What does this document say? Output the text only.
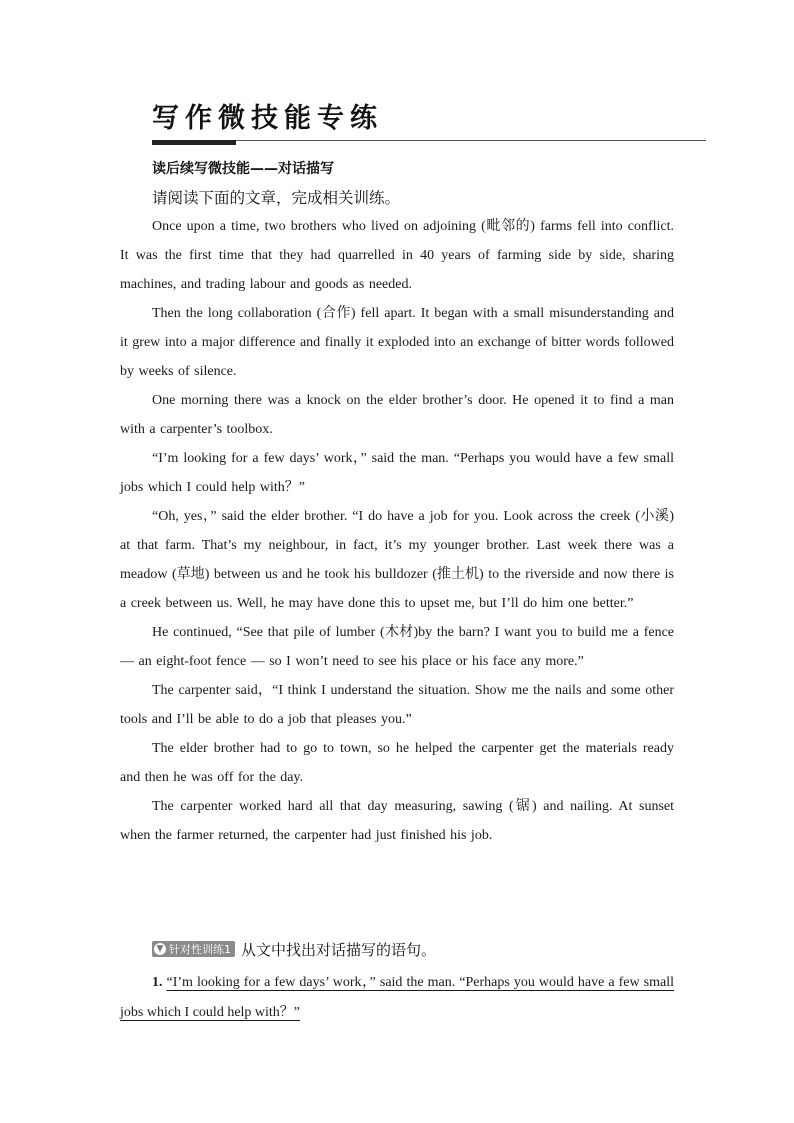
写作微技能专练
读后续写微技能——对话描写
请阅读下面的文章，完成相关训练。

Once upon a time, two brothers who lived on adjoining (毗邻的) farms fell into conflict. It was the first time that they had quarrelled in 40 years of farming side by side, sharing machines, and trading labour and goods as needed.

Then the long collaboration (合作) fell apart. It began with a small misunderstanding and it grew into a major difference and finally it exploded into an exchange of bitter words followed by weeks of silence.

One morning there was a knock on the elder brother’s door. He opened it to find a man with a carpenter’s toolbox.

“I’m looking for a few days’ work，” said the man. “Perhaps you would have a few small jobs which I could help with？”

“Oh, yes，” said the elder brother. “I do have a job for you. Look across the creek (小溪) at that farm. That’s my neighbour, in fact, it’s my younger brother. Last week there was a meadow (草地) between us and he took his bulldozer (推土机) to the riverside and now there is a creek between us. Well, he may have done this to upset me, but I’ll do him one better.”

He continued, “See that pile of lumber (木材)by the barn? I want you to build me a fence — an eight-foot fence — so I won’t need to see his place or his face any more.”

The carpenter said，“I think I understand the situation. Show me the nails and some other tools and I’ll be able to do a job that pleases you.”

The elder brother had to go to town, so he helped the carpenter get the materials ready and then he was off for the day.

The carpenter worked hard all that day measuring, sawing (锯) and nailing. At sunset when the farmer returned, the carpenter had just finished his job.

▼ 针对性训练1 从文中找出对话描写的语句。
1. “I’m looking for a few days’ work，” said the man. “Perhaps you would have a few small jobs which I could help with？”
